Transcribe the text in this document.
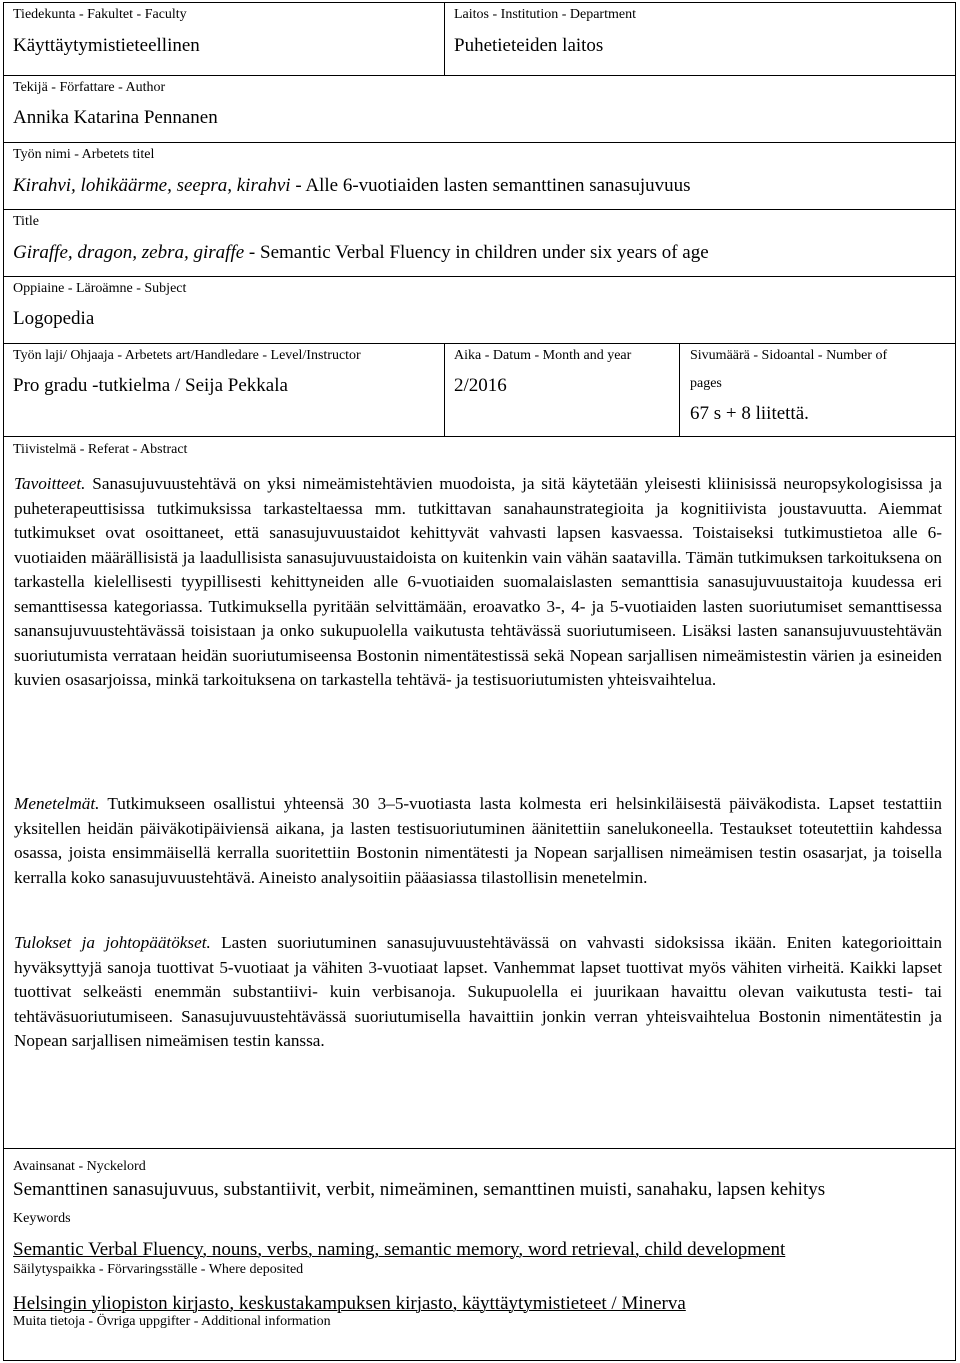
Tiedekunta - Fakultet - Faculty
Käyttäytymistieteellinen
Laitos - Institution - Department
Puhetieteiden laitos
Tekijä - Författare - Author
Annika Katarina Pennanen
Työn nimi - Arbetets titel
Kirahvi, lohikäärme, seepra, kirahvi - Alle 6-vuotiaiden lasten semanttinen sanasujuvuus
Title
Giraffe, dragon, zebra, giraffe - Semantic Verbal Fluency in children under six years of age
Oppiaine - Läroämne - Subject
Logopedia
Työn laji/ Ohjaaja - Arbetets art/Handledare - Level/Instructor
Pro gradu -tutkielma / Seija Pekkala
Aika - Datum - Month and year
2/2016
Sivumäärä - Sidoantal - Number of
pages
67 s + 8 liitettä.
Tiivistelmä - Referat - Abstract

Tavoitteet. Sanasujuvuustehtävä on yksi nimeämistehtävien muodoista, ja sitä käytetään yleisesti kliinisissä neuropsykologisissa ja puheterapeuttisissa tutkimuksissa tarkasteltaessa mm. tutkittavan sanahaunstrategioita ja kognitiivista joustavuutta. Aiemmat tutkimukset ovat osoittaneet, että sanasujuvuustaidot kehittyvät vahvasti lapsen kasvaessa. Toistaiseksi tutkimustietoa alle 6-vuotiaiden määrällisistä ja laadullisista sanasujuvuustaidoista on kuitenkin vain vähän saatavilla. Tämän tutkimuksen tarkoituksena on tarkastella kielellisesti tyypillisesti kehittyneiden alle 6-vuotiaiden suomalaislasten semanttisia sanasujuvuustaitoja kuudessa eri semanttisessa kategoriassa. Tutkimuksella pyritään selvittämään, eroavatko 3-, 4- ja 5-vuotiaiden lasten suoriutumiset semanttisessa sanansujuvuustehtävässä toisistaan ja onko sukupuolella vaikutusta tehtävässä suoriutumiseen. Lisäksi lasten sanansujuvuustehtävän suoriutumista verrataan heidän suoriutumiseensa Bostonin nimentätestissä sekä Nopean sarjallisen nimeämistestin värien ja esineiden kuvien osasarjoissa, minkä tarkoituksena on tarkastella tehtävä- ja testisuoriutumisten yhteisvaihtelua.

Menetelmät. Tutkimukseen osallistui yhteensä 30 3‒5-vuotiasta lasta kolmesta eri helsinkiläisestä päiväkodista. Lapset testattiin yksitellen heidän päiväkotipäiviensä aikana, ja lasten testisuoriutuminen äänitettiin sanelukoneella. Testaukset toteutettiin kahdessa osassa, joista ensimmäisellä kerralla suoritettiin Bostonin nimentätesti ja Nopean sarjallisen nimeämisen testin osasarjat, ja toisella kerralla koko sanasujuvuustehtävä. Aineisto analysoitiin pääasiassa tilastollisin menetelmin.

Tulokset ja johtopäätökset. Lasten suoriutuminen sanasujuvuustehtävässä on vahvasti sidoksissa ikään. Eniten kategorioittain hyväksyttyjä sanoja tuottivat 5-vuotiaat ja vähiten 3-vuotiaat lapset. Vanhemmat lapset tuottivat myös vähiten virheitä. Kaikki lapset tuottivat selkeästi enemmän substantiivi- kuin verbisanoja. Sukupuolella ei juurikaan havaittu olevan vaikutusta testi- tai tehtäväsuoriutumiseen. Sanasujuvuustehtävässä suoriutumisella havaittiin jonkin verran yhteisvaihtelua Bostonin nimentätestin ja Nopean sarjallisen nimeämisen testin kanssa.

Avainsanat - Nyckelord
Semanttinen sanasujuvuus, substantiivit, verbit, nimeäminen, semanttinen muisti, sanahaku, lapsen kehitys
Keywords
Semantic Verbal Fluency, nouns, verbs, naming, semantic memory, word retrieval, child development
Säilytyspaikka - Förvaringsställe - Where deposited
Helsingin yliopiston kirjasto, keskustakampuksen kirjasto, käyttäytymistieteet / Minerva
Muita tietoja - Övriga uppgifter - Additional information
